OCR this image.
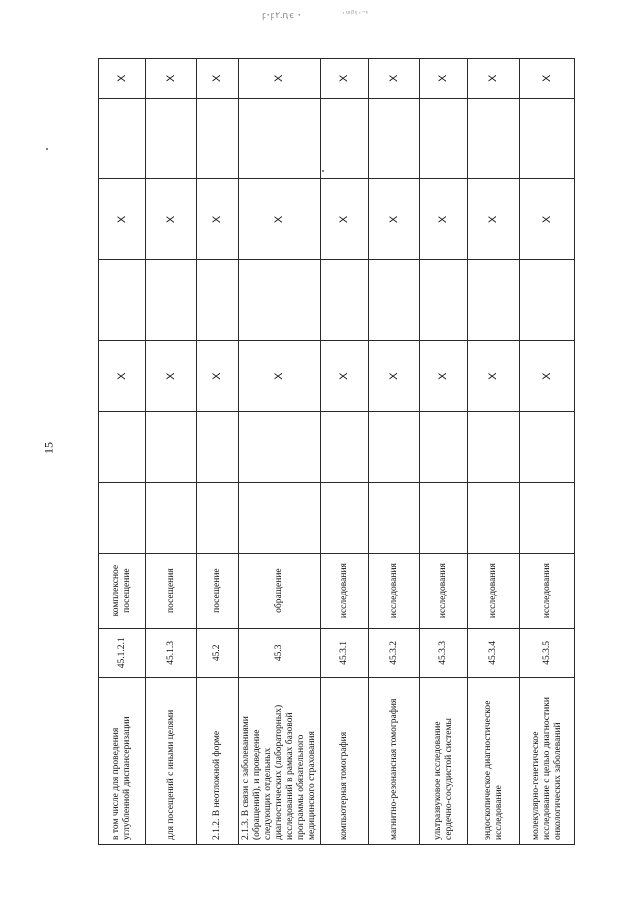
ꝼꞏꝼ٢.ꞑꞓ ꞏ	·ᵚᵝᵞ·ᵔᵋ
15
в том числе для проведения углубленной диспансеризации	45.1.2.1	комплексное посещение			X		X		X
для посещений с иными целями	45.1.3	посещения			X		X		X
2.1.2. В неотложной форме	45.2	посещение			X		X		X
2.1.3. В связи с заболеваниями (обращений), и проведение следующих отдельных диагностических (лабораторных) исследований в рамках базовой программы обязательного медицинского страхования	45.3	обращение			X		X		X
компьютерная томография	45.3.1	исследования			X		X		X
магнитно-резонансная томография	45.3.2	исследования			X		X		X
ультразвуковое исследование сердечно-сосудистой системы	45.3.3	исследования			X		X		X
эндоскопическое диагностическое исследование	45.3.4	исследования			X		X		X
молекулярно-генетическое исследование с целью диагностики онкологических заболеваний	45.3.5	исследования			X		X		X
